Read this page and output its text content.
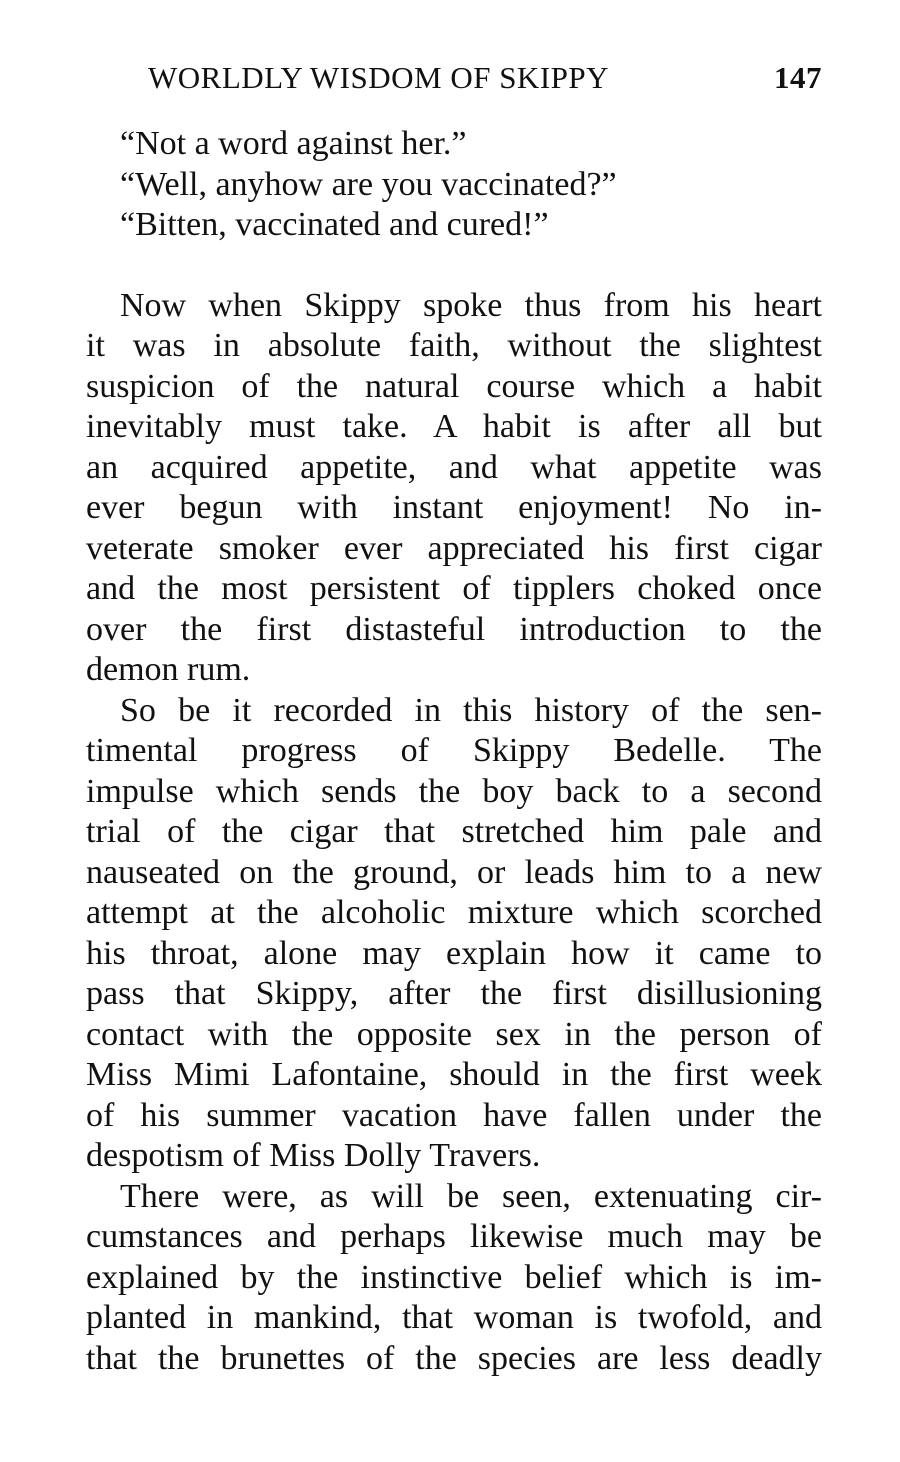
WORLDLY WISDOM OF SKIPPY	147
“Not a word against her.”
“Well, anyhow are you vaccinated?”
“Bitten, vaccinated and cured!”

Now when Skippy spoke thus from his heart
it was in absolute faith, without the slightest
suspicion of the natural course which a habit
inevitably must take. A habit is after all but
an acquired appetite, and what appetite was
ever begun with instant enjoyment! No in-
veterate smoker ever appreciated his first cigar
and the most persistent of tipplers choked once
over the first distasteful introduction to the
demon rum.

So be it recorded in this history of the sen-
timental progress of Skippy Bedelle. The
impulse which sends the boy back to a second
trial of the cigar that stretched him pale and
nauseated on the ground, or leads him to a new
attempt at the alcoholic mixture which scorched
his throat, alone may explain how it came to
pass that Skippy, after the first disillusioning
contact with the opposite sex in the person of
Miss Mimi Lafontaine, should in the first week
of his summer vacation have fallen under the
despotism of Miss Dolly Travers.

There were, as will be seen, extenuating cir-
cumstances and perhaps likewise much may be
explained by the instinctive belief which is im-
planted in mankind, that woman is twofold, and
that the brunettes of the species are less deadly
